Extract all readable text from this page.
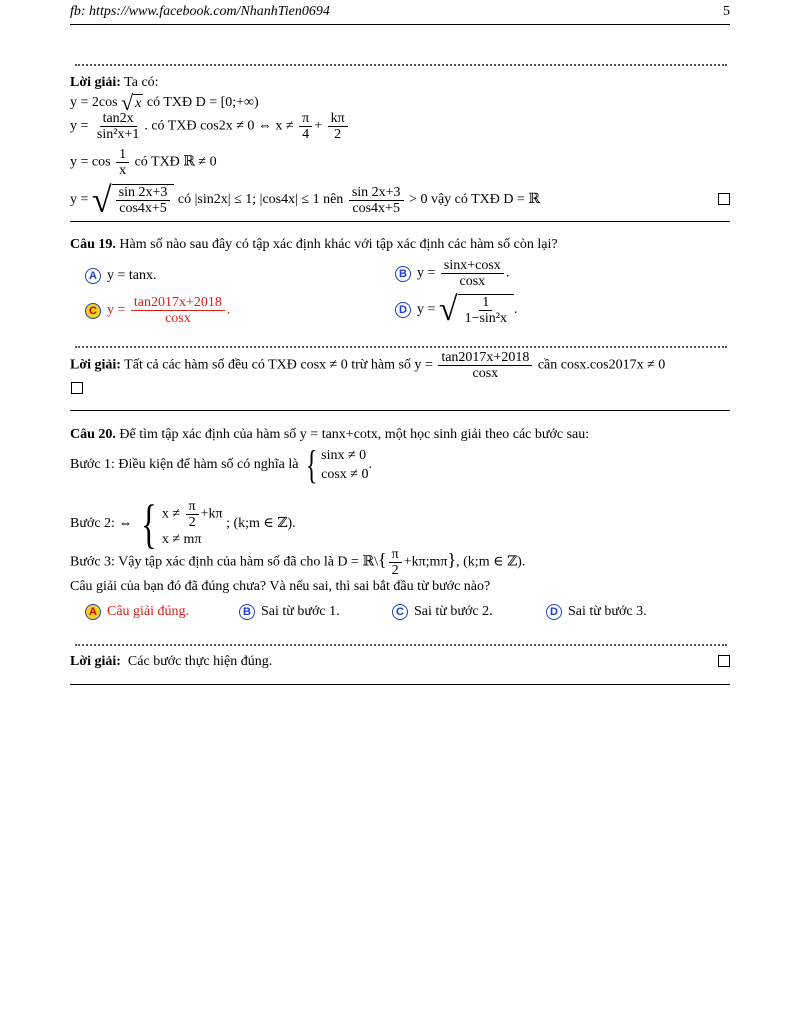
fb: https://www.facebook.com/NhanhTien0694	5
Lời giải: Ta có:
y = 2cos √ x có TXĐ D = [0;+∞)
$y = \frac{\tan 2x}{\text{sin²x+1}}$ . có TXĐ cos2x ≠ 0 ⇔ $x \ne \frac{\pi}{4} + \frac{k\pi}{2}$
$y = \cos \frac{1}{x}$ có TXĐ ℝ ≠ 0
y = √ $\frac{\sin 2x+3}{\cos 4x+5}$ có |sin2x| ≤ 1; |cos4x| ≤ 1 nên $\frac{\sin 2x+3}{\cos 4x+5} > 0$ vậy có TXĐ D = ℝ
Câu 19. Hàm số nào sau đây có tập xác định khác với tập xác định các hàm số còn lại?
A y = tanx.	B $y = \frac{\sin x+\cos x}{\cos x}$ .
C $y = \frac{\tan 2017x+2018}{\cos x}$ .	D y = √ $\frac{1}{\text{1−sin²x}}$ .
Lời giải: Tất cả các hàm số đều có TXĐ cosx ≠ 0 trừ hàm số $y = \frac{\tan 2017x+2018}{\cos x}$ cần cosx.cos2017x ≠ 0
Câu 20. Để tìm tập xác định của hàm số y = tanx+cotx, một học sinh giải theo các bước sau:
Bước 1: Điều kiện để hàm số có nghĩa là { sinx ≠ 0
cosx ≠ 0
.
Bước 2: ⇔ { $x \ne \frac{\pi}{2} +k\pi$
x ≠ mπ
; (k;m ∈ ℤ).
Bước 3: Vậy tập xác định của hàm số đã cho là D = ℝ\{ $\frac{\pi}{2}$ +kπ;mπ}, (k;m ∈ ℤ).
Câu giải của bạn đó đã đúng chưa? Và nếu sai, thì sai bắt đầu từ bước nào?
A Câu giải đúng.	B Sai từ bước 1.	C Sai từ bước 2.	D Sai từ bước 3.
Lời giải: Các bước thực hiện đúng.
